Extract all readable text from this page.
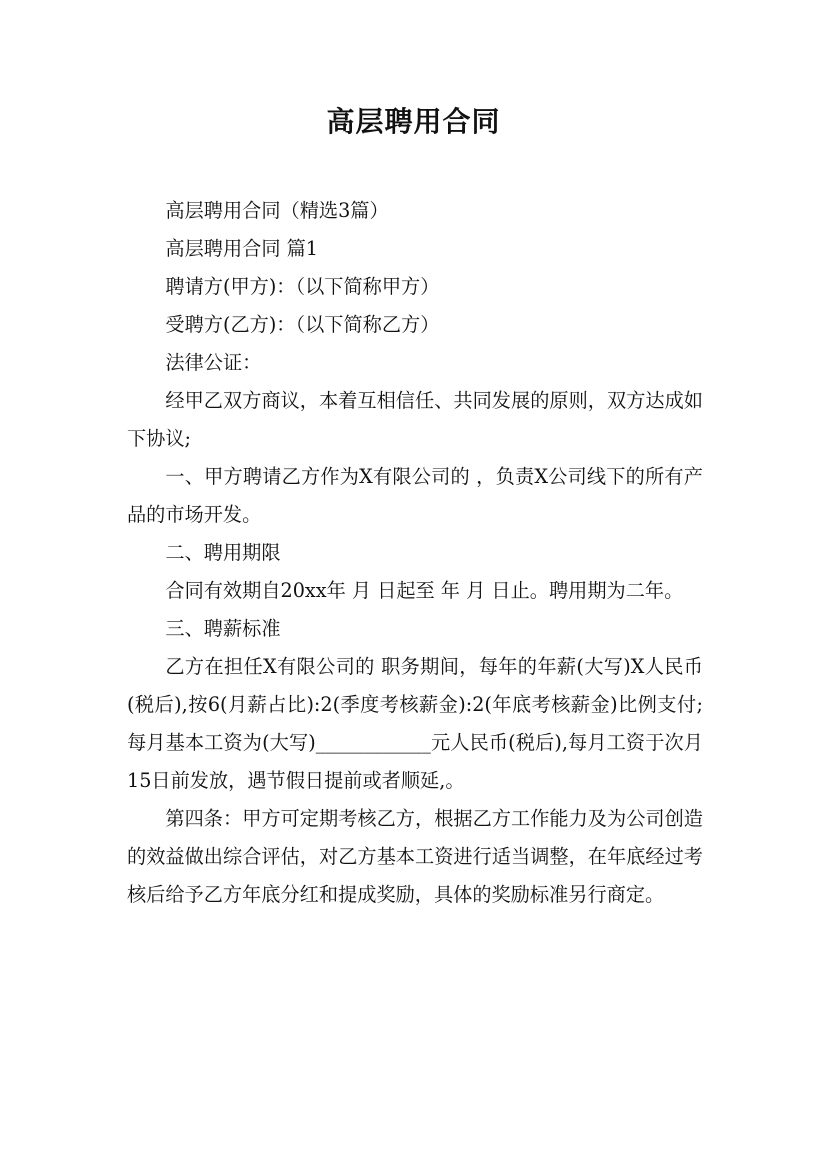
高层聘用合同

高层聘用合同（精选3篇）

高层聘用合同 篇1

聘请方(甲方)：（以下简称甲方）

受聘方(乙方)：（以下简称乙方）

法律公证：

经甲乙双方商议，本着互相信任、共同发展的原则，双方达成如下协议;

一、甲方聘请乙方作为X有限公司的 ，负责X公司线下的所有产品的市场开发。

二、聘用期限

合同有效期自20xx年 月 日起至 年 月 日止。聘用期为二年。

三、聘薪标准

乙方在担任X有限公司的 职务期间，每年的年薪(大写)X人民币(税后),按6(月薪占比):2(季度考核薪金):2(年底考核薪金)比例支付;每月基本工资为(大写)____________元人民币(税后),每月工资于次月15日前发放，遇节假日提前或者顺延,。

第四条：甲方可定期考核乙方，根据乙方工作能力及为公司创造的效益做出综合评估，对乙方基本工资进行适当调整，在年底经过考核后给予乙方年底分红和提成奖励，具体的奖励标准另行商定。
